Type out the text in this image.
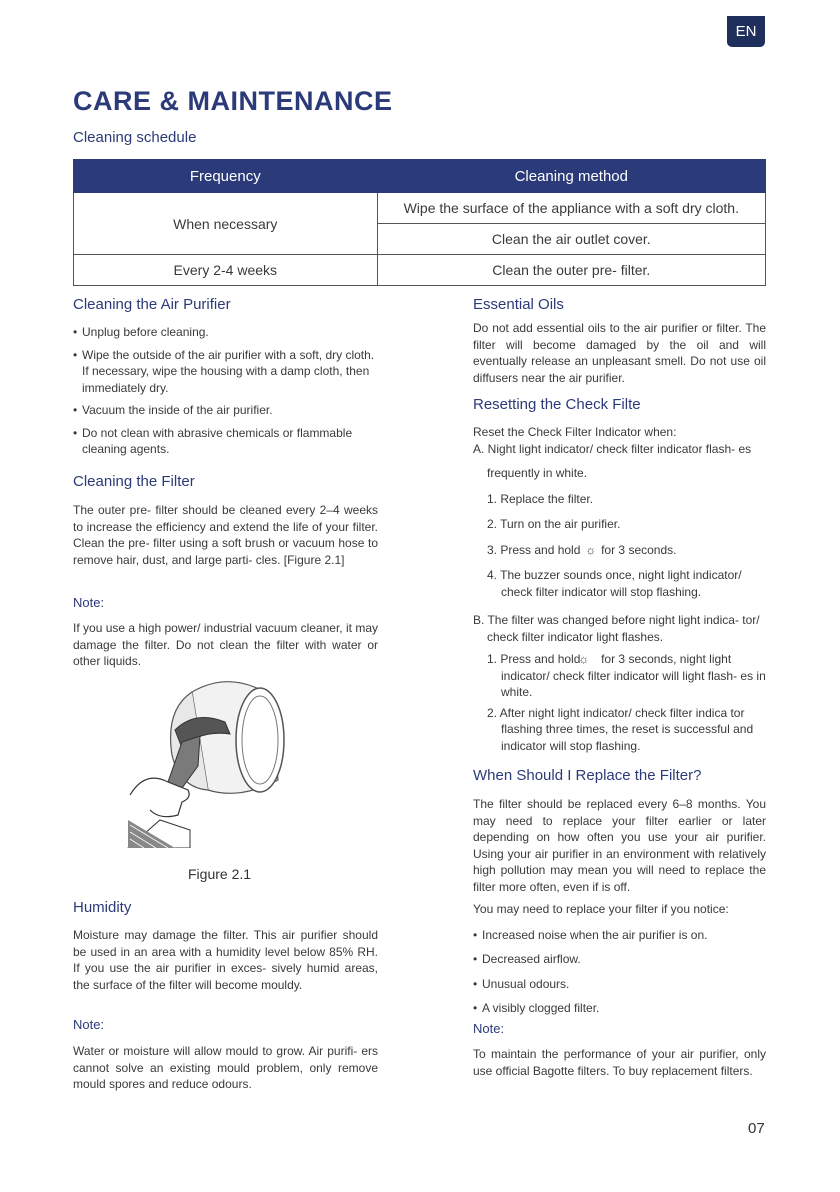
EN
CARE & MAINTENANCE
Cleaning schedule
Frequency	Cleaning method
When necessary	Wipe the surface of the appliance with a soft dry cloth.
	Clean the air outlet cover.
Every 2-4 weeks	Clean the outer pre- filter.
Cleaning the Air Purifier
• Unplug before cleaning.
• Wipe the outside of the air purifier with a soft, dry cloth. If necessary, wipe the housing with a damp cloth, then immediately dry.
• Vacuum the inside of the air purifier.
• Do not clean with abrasive chemicals or flammable cleaning agents.
Cleaning the Filter

The outer pre- filter should be cleaned every 2–4 weeks to increase the efficiency and extend the life of your filter. Clean the pre- filter using a soft brush or vacuum hose to remove hair, dust, and large parti- cles. [Figure 2.1]

Note:

If you use a high power/ industrial vacuum cleaner, it may damage the filter. Do not clean the filter with water or other liquids.

Figure 2.1

Humidity

Moisture may damage the filter. This air purifier should be used in an area with a humidity level below 85% RH. If you use the air purifier in exces- sively humid areas, the surface of the filter will become mouldy.

Note:

Water or moisture will allow mould to grow. Air purifi- ers cannot solve an existing mould problem, only remove mould spores and reduce odours.

Essential Oils

Do not add essential oils to the air purifier or filter. The filter will become damaged by the oil and will eventually release an unpleasant smell. Do not use oil diffusers near the air purifier.

Resetting the Check Filte

Reset the Check Filter Indicator when:

A. Night light indicator/ check filter indicator flash- es

frequently in white.

1. Replace the filter.

2. Turn on the air purifier.

3. Press and hold ☼ for 3 seconds.

4. The buzzer sounds once, night light indicator/ check filter indicator will stop flashing.

B. The filter was changed before night light indica- tor/ check filter indicator light flashes.

1. Press and hold ☼ for 3 seconds, night light indicator/ check filter indicator will light flash- es in white.

2. After night light indicator/ check filter indica tor flashing three times, the reset is successful and indicator will stop flashing.

When Should I Replace the Filter?

The filter should be replaced every 6–8 months. You may need to replace your filter earlier or later depending on how often you use your air purifier. Using your air purifier in an environment with relatively high pollution may mean you will need to replace the filter more often, even if is off.

You may need to replace your filter if you notice:

• Increased noise when the air purifier is on.
• Decreased airflow.
• Unusual odours.
• A visibly clogged filter.

Note:

To maintain the performance of your air purifier, only use official Bagotte filters. To buy replacement filters.

07
